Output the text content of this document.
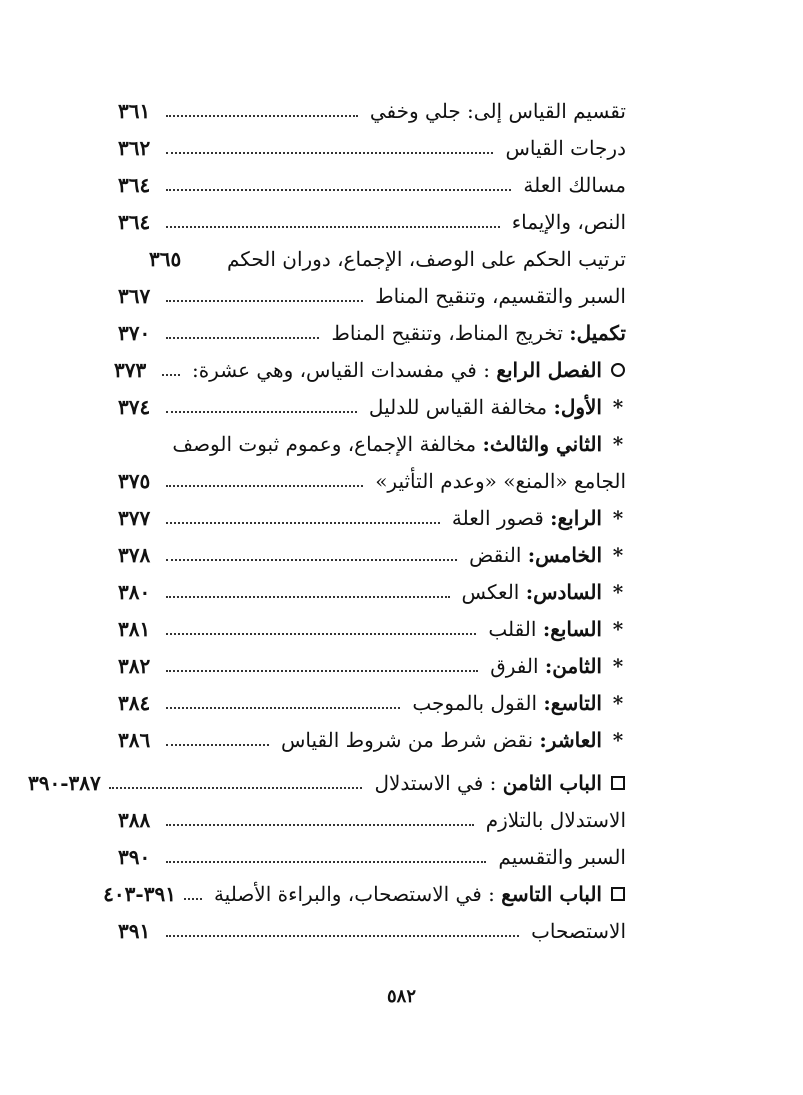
تقسيم القياس إلى: جلي وخفي
٣٦١
درجات القياس
٣٦٢
مسالك العلة
٣٦٤
النص، والإيماء
٣٦٤
ترتيب الحكم على الوصف، الإجماع، دوران الحكم
٣٦٥
السبر والتقسيم، وتنقيح المناط
٣٦٧
تكميل: تخريج المناط، وتنقيح المناط
٣٧٠
الفصل الرابع : في مفسدات القياس، وهي عشرة:
٣٧٣
*
الأول: مخالفة القياس للدليل
٣٧٤
*
الثاني والثالث: مخالفة الإجماع، وعموم ثبوت الوصف
الجامع «المنع» «وعدم التأثير»
٣٧٥
*
الرابع: قصور العلة
٣٧٧
*
الخامس: النقض
٣٧٨
*
السادس: العكس
٣٨٠
*
السابع: القلب
٣٨١
*
الثامن: الفرق
٣٨٢
*
التاسع: القول بالموجب
٣٨٤
*
العاشر: نقض شرط من شروط القياس
٣٨٦
الباب الثامن : في الاستدلال
٣٨٧-٣٩٠
الاستدلال بالتلازم
٣٨٨
السبر والتقسيم
٣٩٠
الباب التاسع : في الاستصحاب، والبراءة الأصلية
٣٩١-٤٠٣
الاستصحاب
٣٩١
٥٨٢
